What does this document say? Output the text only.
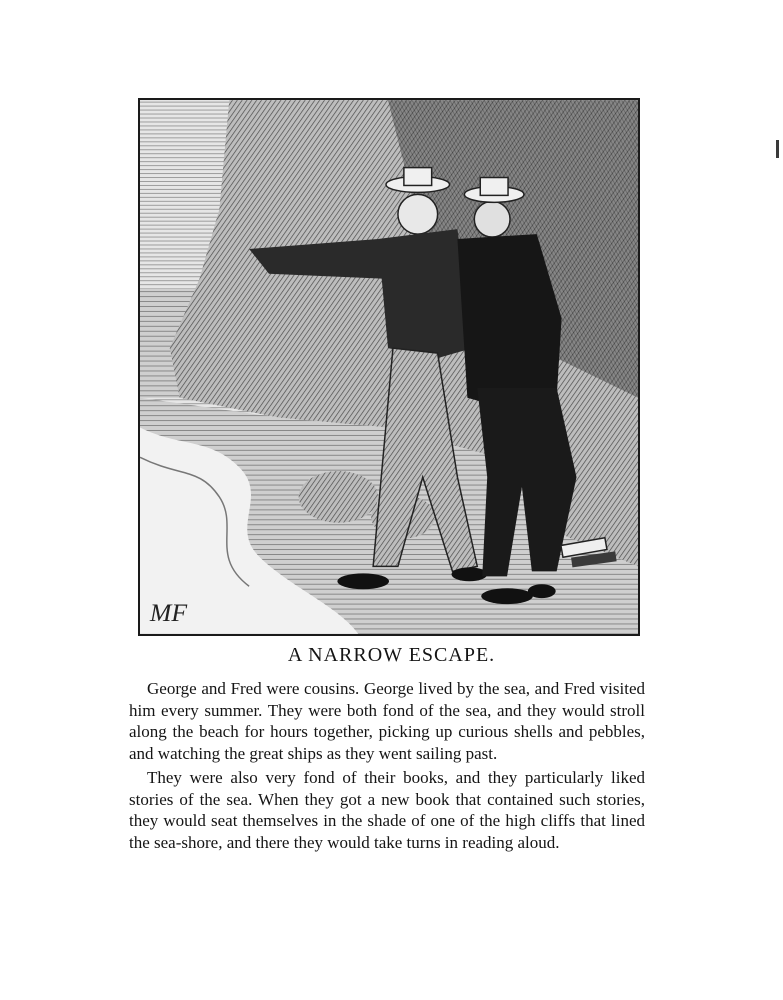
MF
A NARROW ESCAPE.

George and Fred were cousins. George lived by the sea, and Fred visited him every summer. They were both fond of the sea, and they would stroll along the beach for hours together, picking up curious shells and pebbles, and watching the great ships as they went sailing past.

They were also very fond of their books, and they particularly liked stories of the sea. When they got a new book that contained such stories, they would seat themselves in the shade of one of the high cliffs that lined the sea-shore, and there they would take turns in reading aloud.
